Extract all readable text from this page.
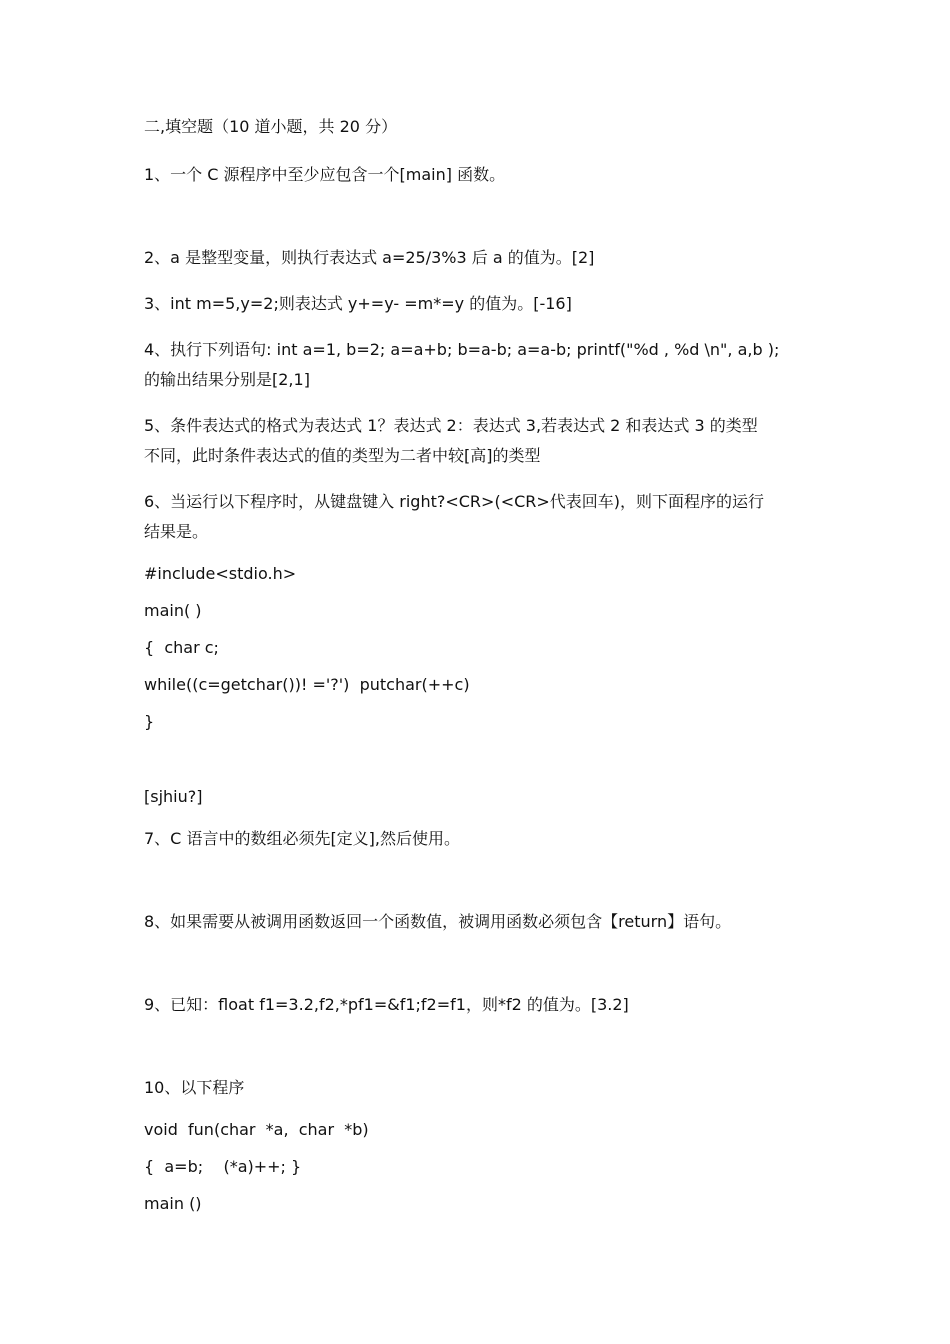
二,填空题（10 道小题，共 20 分）
1、一个 C 源程序中至少应包含一个[main] 函数。
2、a 是整型变量，则执行表达式 a=25/3%3 后 a 的值为。[2]
3、int m=5,y=2;则表达式 y+=y- =m*=y 的值为。[-16]
4、执行下列语句: int a=1, b=2; a=a+b; b=a-b; a=a-b; printf("%d , %d \n", a,b );
的输出结果分别是[2,1]
5、条件表达式的格式为表达式 1？表达式 2：表达式 3,若表达式 2 和表达式 3 的类型
不同，此时条件表达式的值的类型为二者中较[高]的类型
6、当运行以下程序时，从键盘键入 right?<CR>(<CR>代表回车)，则下面程序的运行
结果是。
#include<stdio.h>
main( )
{  char c;
while((c=getchar())! ='?')  putchar(++c)
}
[sjhiu?]
7、C 语言中的数组必须先[定义],然后使用。
8、如果需要从被调用函数返回一个函数值，被调用函数必须包含【return】语句。
9、已知：float f1=3.2,f2,*pf1=&f1;f2=f1，则*f2 的值为。[3.2]
10、以下程序
void  fun(char  *a,  char  *b)
{  a=b;    (*a)++; }
main ()
